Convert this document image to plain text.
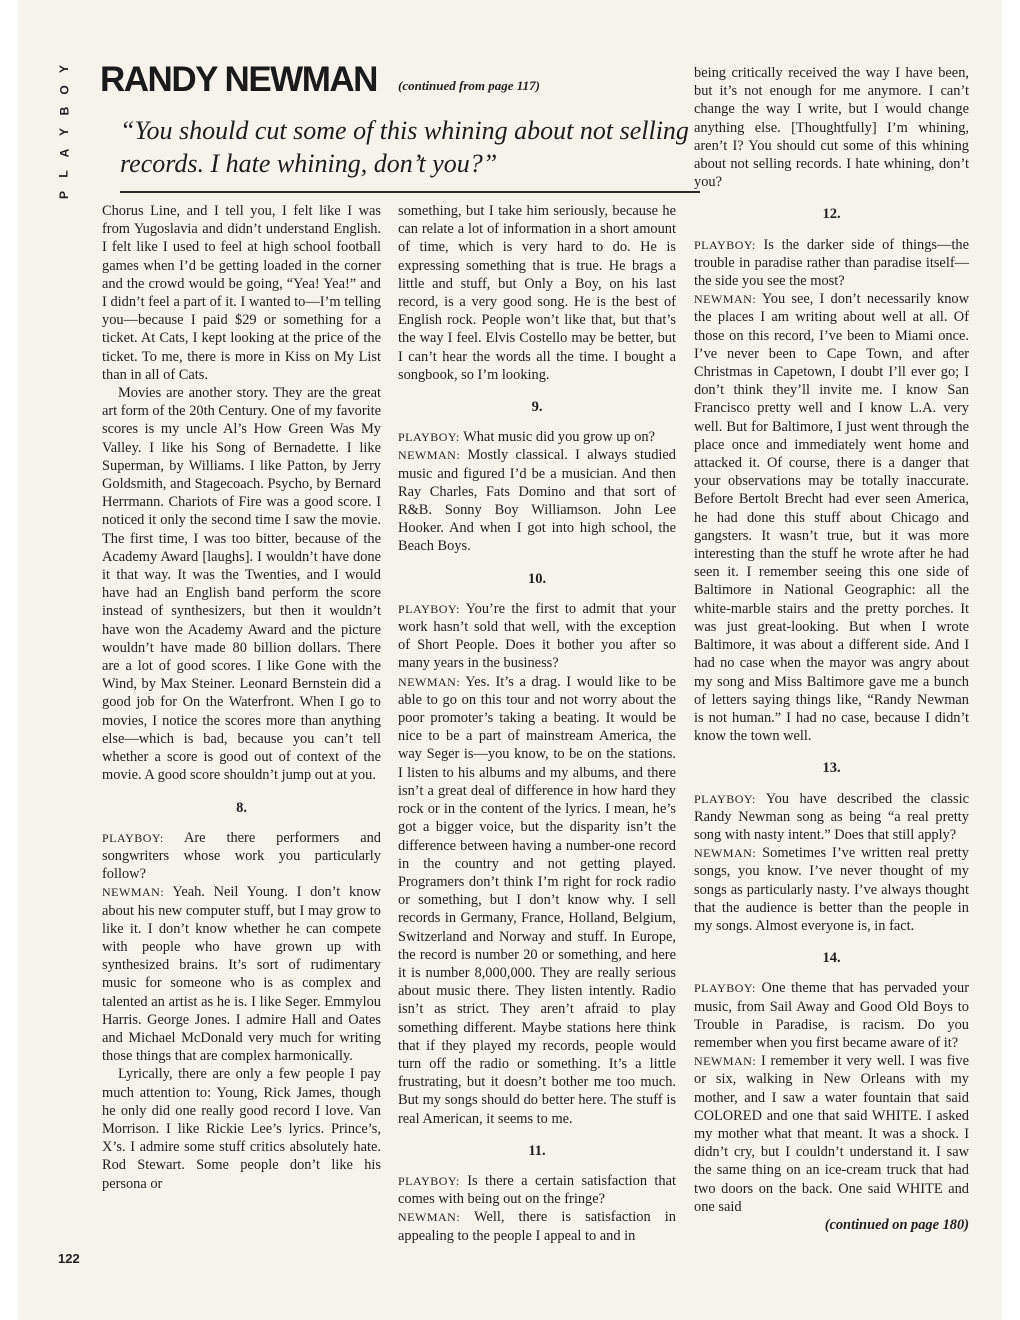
Y
O
B
Y
A
L
P
RANDY NEWMAN (continued from page 117)
“You should cut some of this whining about not selling records. I hate whining, don’t you?”

Chorus Line, and I tell you, I felt like I was from Yugoslavia and didn’t understand English. I felt like I used to feel at high school football games when I’d be getting loaded in the corner and the crowd would be going, “Yea! Yea!” and I didn’t feel a part of it. I wanted to—I’m telling you—because I paid $29 or something for a ticket. At Cats, I kept looking at the price of the ticket. To me, there is more in Kiss on My List than in all of Cats.

Movies are another story. They are the great art form of the 20th Century. One of my favorite scores is my uncle Al’s How Green Was My Valley. I like his Song of Bernadette. I like Superman, by Williams. I like Patton, by Jerry Goldsmith, and Stagecoach. Psycho, by Bernard Herrmann. Chariots of Fire was a good score. I noticed it only the second time I saw the movie. The first time, I was too bitter, because of the Academy Award [laughs]. I wouldn’t have done it that way. It was the Twenties, and I would have had an English band perform the score instead of synthesizers, but then it wouldn’t have won the Academy Award and the picture wouldn’t have made 80 billion dollars. There are a lot of good scores. I like Gone with the Wind, by Max Steiner. Leonard Bernstein did a good job for On the Waterfront. When I go to movies, I notice the scores more than anything else—which is bad, because you can’t tell whether a score is good out of context of the movie. A good score shouldn’t jump out at you.

8.

PLAYBOY: Are there performers and songwriters whose work you particularly follow?

NEWMAN: Yeah. Neil Young. I don’t know about his new computer stuff, but I may grow to like it. I don’t know whether he can compete with people who have grown up with synthesized brains. It’s sort of rudimentary music for someone who is as complex and talented an artist as he is. I like Seger. Emmylou Harris. George Jones. I admire Hall and Oates and Michael McDonald very much for writing those things that are complex harmonically.

Lyrically, there are only a few people I pay much attention to: Young, Rick James, though he only did one really good record I love. Van Morrison. I like Rickie Lee’s lyrics. Prince’s, X’s. I admire some stuff critics absolutely hate. Rod Stewart. Some people don’t like his persona or

something, but I take him seriously, because he can relate a lot of information in a short amount of time, which is very hard to do. He is expressing something that is true. He brags a little and stuff, but Only a Boy, on his last record, is a very good song. He is the best of English rock. People won’t like that, but that’s the way I feel. Elvis Costello may be better, but I can’t hear the words all the time. I bought a songbook, so I’m looking.

9.

PLAYBOY: What music did you grow up on?

NEWMAN: Mostly classical. I always studied music and figured I’d be a musician. And then Ray Charles, Fats Domino and that sort of R&B. Sonny Boy Williamson. John Lee Hooker. And when I got into high school, the Beach Boys.

10.

PLAYBOY: You’re the first to admit that your work hasn’t sold that well, with the exception of Short People. Does it bother you after so many years in the business?

NEWMAN: Yes. It’s a drag. I would like to be able to go on this tour and not worry about the poor promoter’s taking a beating. It would be nice to be a part of mainstream America, the way Seger is—you know, to be on the stations. I listen to his albums and my albums, and there isn’t a great deal of difference in how hard they rock or in the content of the lyrics. I mean, he’s got a bigger voice, but the disparity isn’t the difference between having a number-one record in the country and not getting played. Programers don’t think I’m right for rock radio or something, but I don’t know why. I sell records in Germany, France, Holland, Belgium, Switzerland and Norway and stuff. In Europe, the record is number 20 or something, and here it is number 8,000,000. They are really serious about music there. They listen intently. Radio isn’t as strict. They aren’t afraid to play something different. Maybe stations here think that if they played my records, people would turn off the radio or something. It’s a little frustrating, but it doesn’t bother me too much. But my songs should do better here. The stuff is real American, it seems to me.

11.

PLAYBOY: Is there a certain satisfaction that comes with being out on the fringe?

NEWMAN: Well, there is satisfaction in appealing to the people I appeal to and in

being critically received the way I have been, but it’s not enough for me anymore. I can’t change the way I write, but I would change anything else. [Thoughtfully] I’m whining, aren’t I? You should cut some of this whining about not selling records. I hate whining, don’t you?

12.

PLAYBOY: Is the darker side of things—the trouble in paradise rather than paradise itself—the side you see the most?

NEWMAN: You see, I don’t necessarily know the places I am writing about well at all. Of those on this record, I’ve been to Miami once. I’ve never been to Cape Town, and after Christmas in Capetown, I doubt I’ll ever go; I don’t think they’ll invite me. I know San Francisco pretty well and I know L.A. very well. But for Baltimore, I just went through the place once and immediately went home and attacked it. Of course, there is a danger that your observations may be totally inaccurate. Before Bertolt Brecht had ever seen America, he had done this stuff about Chicago and gangsters. It wasn’t true, but it was more interesting than the stuff he wrote after he had seen it. I remember seeing this one side of Baltimore in National Geographic: all the white-marble stairs and the pretty porches. It was just great-looking. But when I wrote Baltimore, it was about a different side. And I had no case when the mayor was angry about my song and Miss Baltimore gave me a bunch of letters saying things like, “Randy Newman is not human.” I had no case, because I didn’t know the town well.

13.

PLAYBOY: You have described the classic Randy Newman song as being “a real pretty song with nasty intent.” Does that still apply?

NEWMAN: Sometimes I’ve written real pretty songs, you know. I’ve never thought of my songs as particularly nasty. I’ve always thought that the audience is better than the people in my songs. Almost everyone is, in fact.

14.

PLAYBOY: One theme that has pervaded your music, from Sail Away and Good Old Boys to Trouble in Paradise, is racism. Do you remember when you first became aware of it?

NEWMAN: I remember it very well. I was five or six, walking in New Orleans with my mother, and I saw a water fountain that said COLORED and one that said WHITE. I asked my mother what that meant. It was a shock. I didn’t cry, but I couldn’t understand it. I saw the same thing on an ice-cream truck that had two doors on the back. One said WHITE and one said

(continued on page 180)
122
